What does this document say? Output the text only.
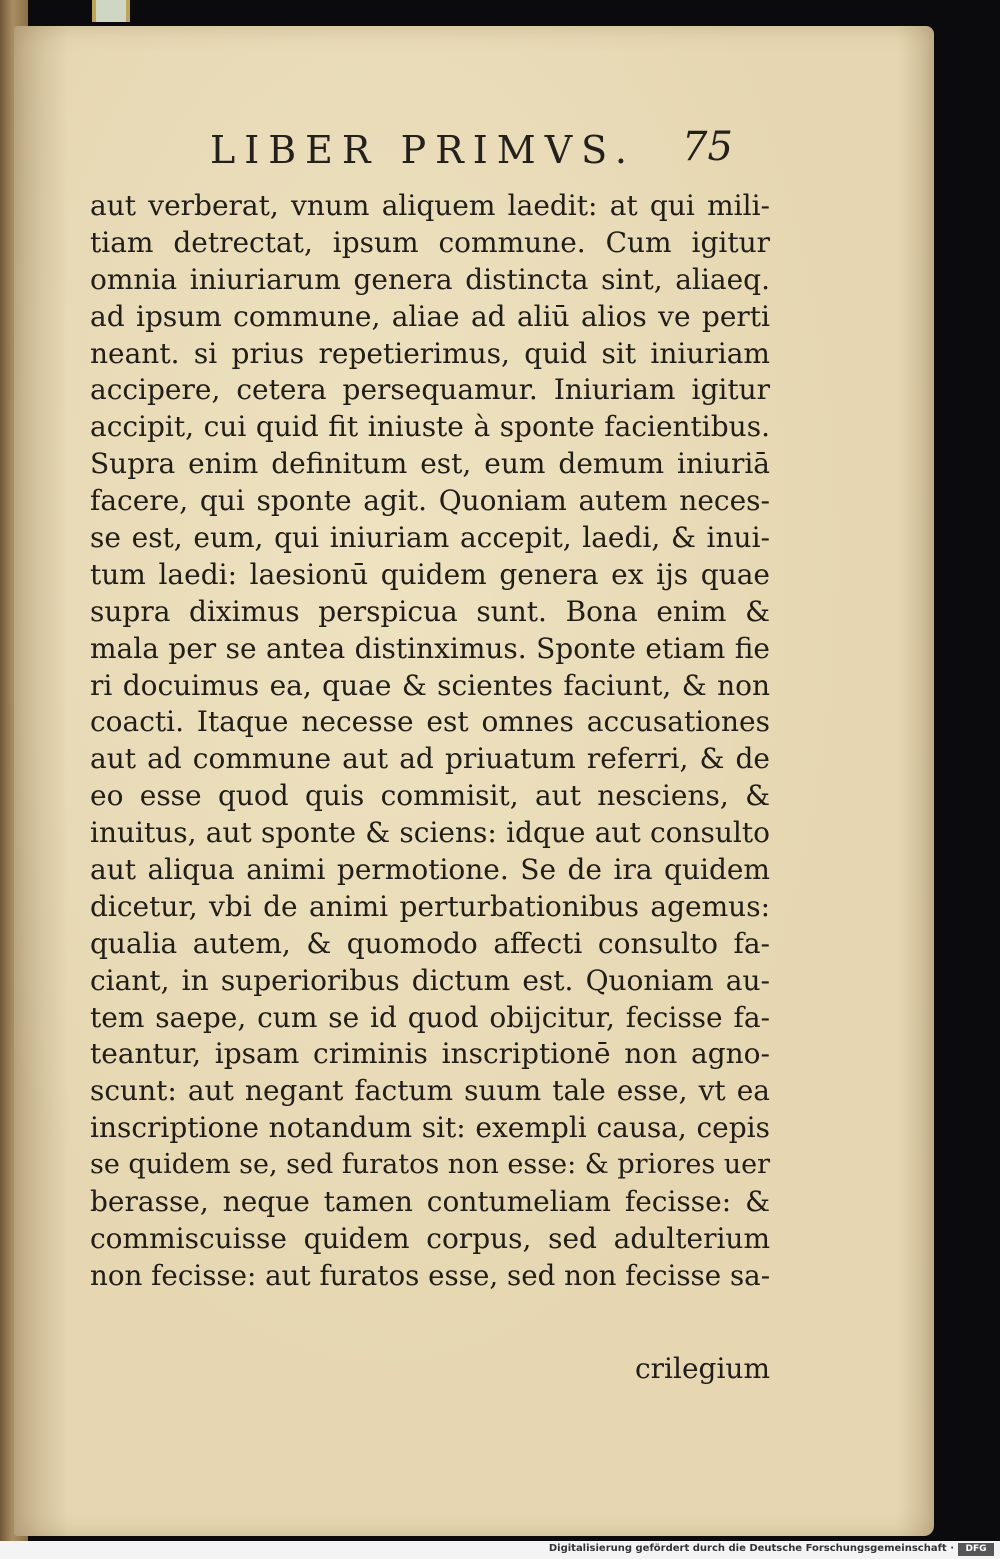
LIBER PRIMVS. 75
aut verberat, vnum aliquem laedit: at qui mili-
tiam detrectat, ipsum commune. Cum igitur
omnia iniuriarum genera distincta sint, aliaeq.
ad ipsum commune, aliae ad aliū alios ve perti
neant. si prius repetierimus, quid sit iniuriam
accipere, cetera persequamur. Iniuriam igitur
accipit, cui quid fit iniuste à sponte facientibus.
Supra enim definitum est, eum demum iniuriā
facere, qui sponte agit. Quoniam autem neces-
se est, eum, qui iniuriam accepit, laedi, & inui-
tum laedi: laesionū quidem genera ex ijs quae
supra diximus perspicua sunt. Bona enim &
mala per se antea distinximus. Sponte etiam fie
ri docuimus ea, quae & scientes faciunt, & non
coacti. Itaque necesse est omnes accusationes
aut ad commune aut ad priuatum referri, & de
eo esse quod quis commisit, aut nesciens, &
inuitus, aut sponte & sciens: idque aut consulto
aut aliqua animi permotione. Se de ira quidem
dicetur, vbi de animi perturbationibus agemus:
qualia autem, & quomodo affecti consulto fa-
ciant, in superioribus dictum est. Quoniam au-
tem saepe, cum se id quod obijcitur, fecisse fa-
teantur, ipsam criminis inscriptionē non agno-
scunt: aut negant factum suum tale esse, vt ea
inscriptione notandum sit: exempli causa, cepis
se quidem se, sed furatos non esse: & priores uer
berasse, neque tamen contumeliam fecisse: &
commiscuisse quidem corpus, sed adulterium
non fecisse: aut furatos esse, sed non fecisse sa-
crilegium
Digitalisierung gefördert durch die Deutsche Forschungsgemeinschaft ·	DFG
